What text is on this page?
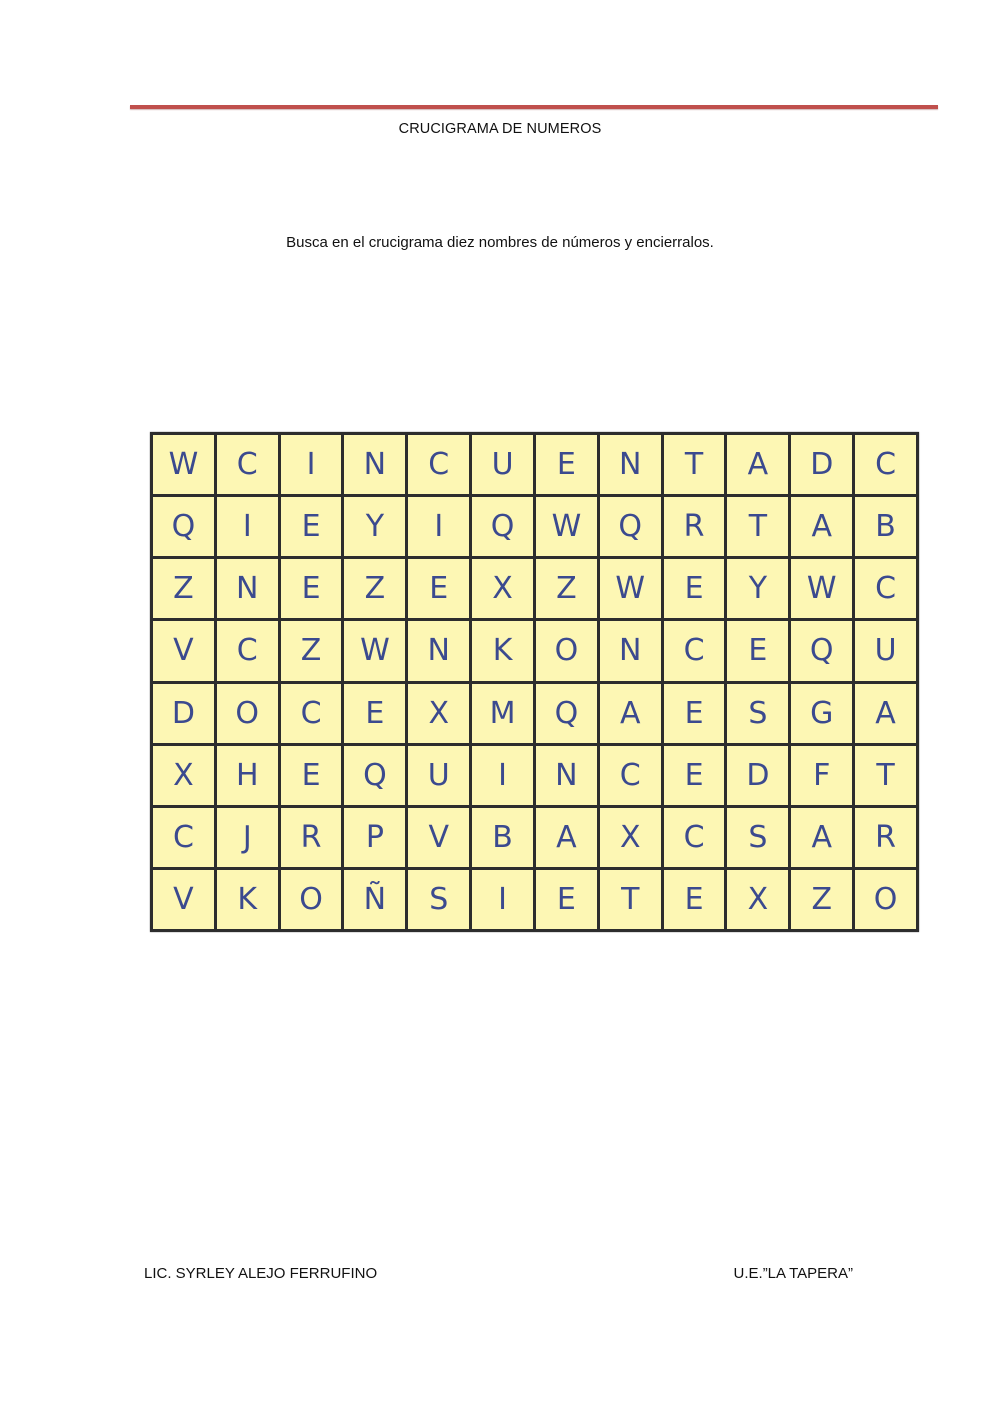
CRUCIGRAMA DE NUMEROS
Busca en el crucigrama diez nombres de números y encierralos.
W	C	I	N	C	U	E	N	T	A	D	C
Q	I	E	Y	I	Q	W	Q	R	T	A	B
Z	N	E	Z	E	X	Z	W	E	Y	W	C
V	C	Z	W	N	K	O	N	C	E	Q	U
D	O	C	E	X	M	Q	A	E	S	G	A
X	H	E	Q	U	I	N	C	E	D	F	T
C	J	R	P	V	B	A	X	C	S	A	R
V	K	O	Ñ	S	I	E	T	E	X	Z	O
LIC. SYRLEY ALEJO FERRUFINO	U.E.”LA TAPERA”
